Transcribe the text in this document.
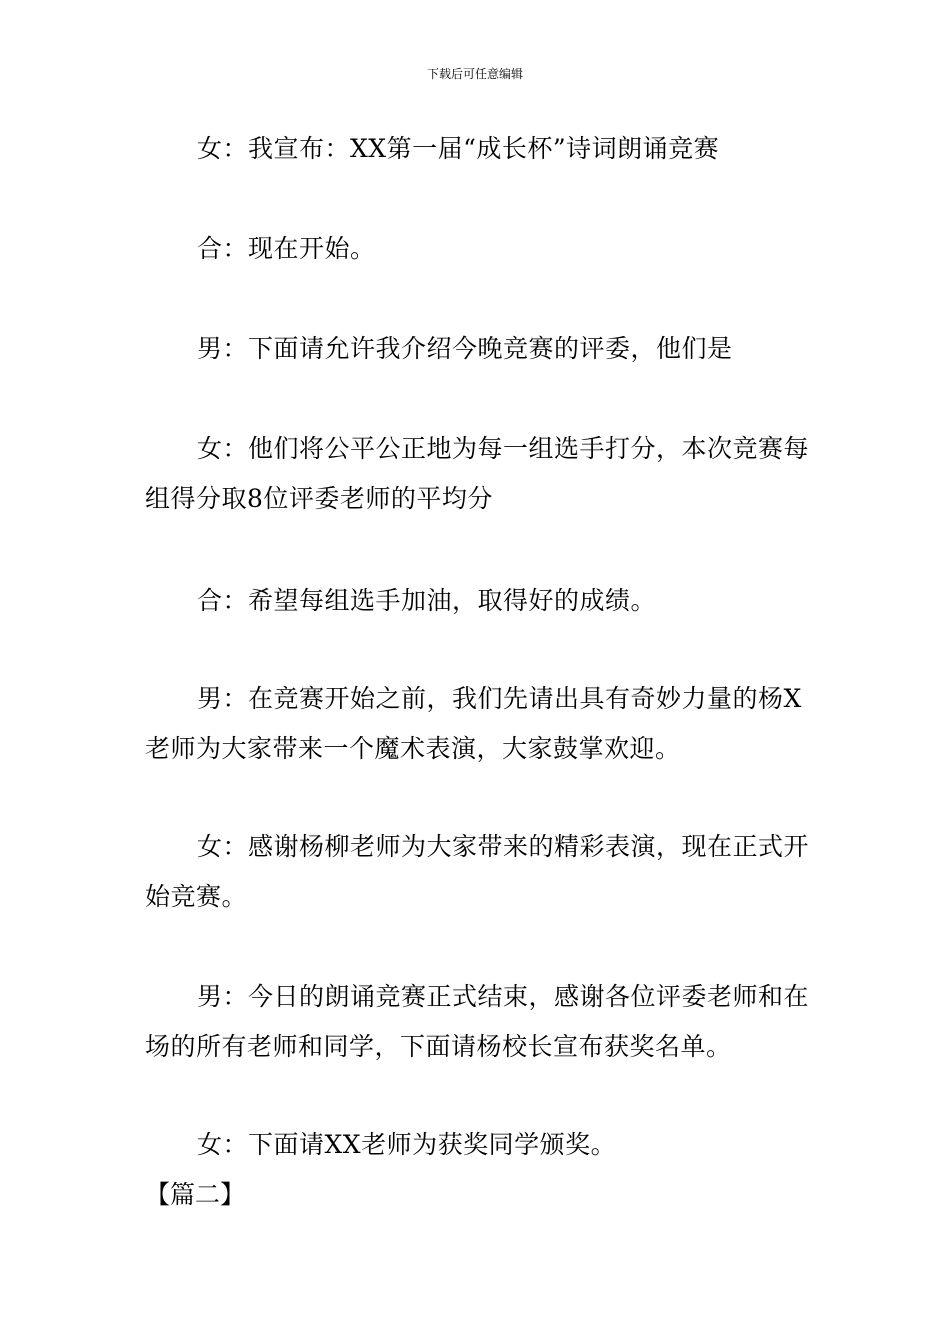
下载后可任意编辑

女：我宣布：XX第一届“成长杯”诗词朗诵竞赛

合：现在开始。

男：下面请允许我介绍今晚竞赛的评委，他们是

女：他们将公平公正地为每一组选手打分，本次竞赛每组得分取8位评委老师的平均分

合：希望每组选手加油，取得好的成绩。

男：在竞赛开始之前，我们先请出具有奇妙力量的杨X老师为大家带来一个魔术表演，大家鼓掌欢迎。

女：感谢杨柳老师为大家带来的精彩表演，现在正式开始竞赛。

男：今日的朗诵竞赛正式结束，感谢各位评委老师和在场的所有老师和同学，下面请杨校长宣布获奖名单。

女：下面请XX老师为获奖同学颁奖。

【篇二】
